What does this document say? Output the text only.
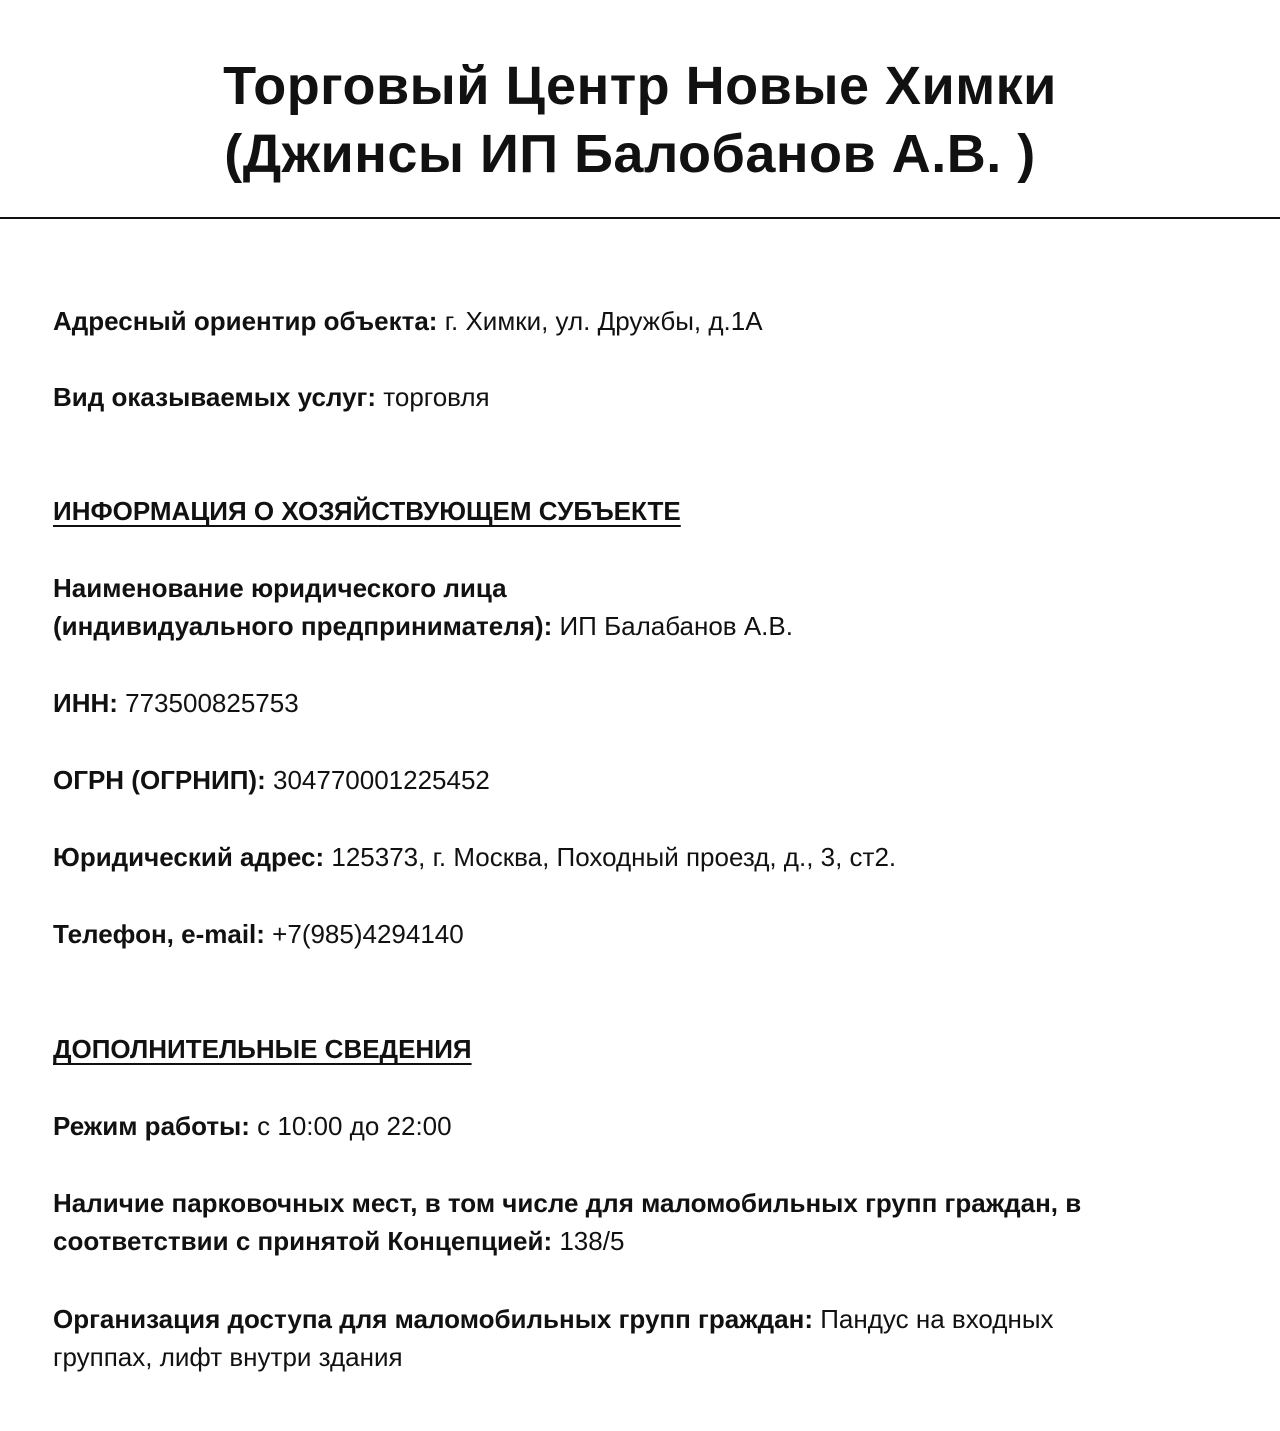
Торговый Центр Новые Химки
(Джинсы ИП Балобанов А.В. )
Адресный ориентир объекта: г. Химки, ул. Дружбы, д.1А
Вид оказываемых услуг: торговля
ИНФОРМАЦИЯ О ХОЗЯЙСТВУЮЩЕМ СУБЪЕКТЕ
Наименование юридического лица
(индивидуального предпринимателя): ИП Балабанов А.В.
ИНН: 773500825753
ОГРН (ОГРНИП): 304770001225452
Юридический адрес: 125373, г. Москва, Походный проезд, д., 3, ст2.
Телефон, e-mail: +7(985)4294140
ДОПОЛНИТЕЛЬНЫЕ СВЕДЕНИЯ
Режим работы: с 10:00 до 22:00
Наличие парковочных мест, в том числе для маломобильных групп граждан, в
соответствии с принятой Концепцией: 138/5
Организация доступа для маломобильных групп граждан: Пандус на входных
группах, лифт внутри здания
